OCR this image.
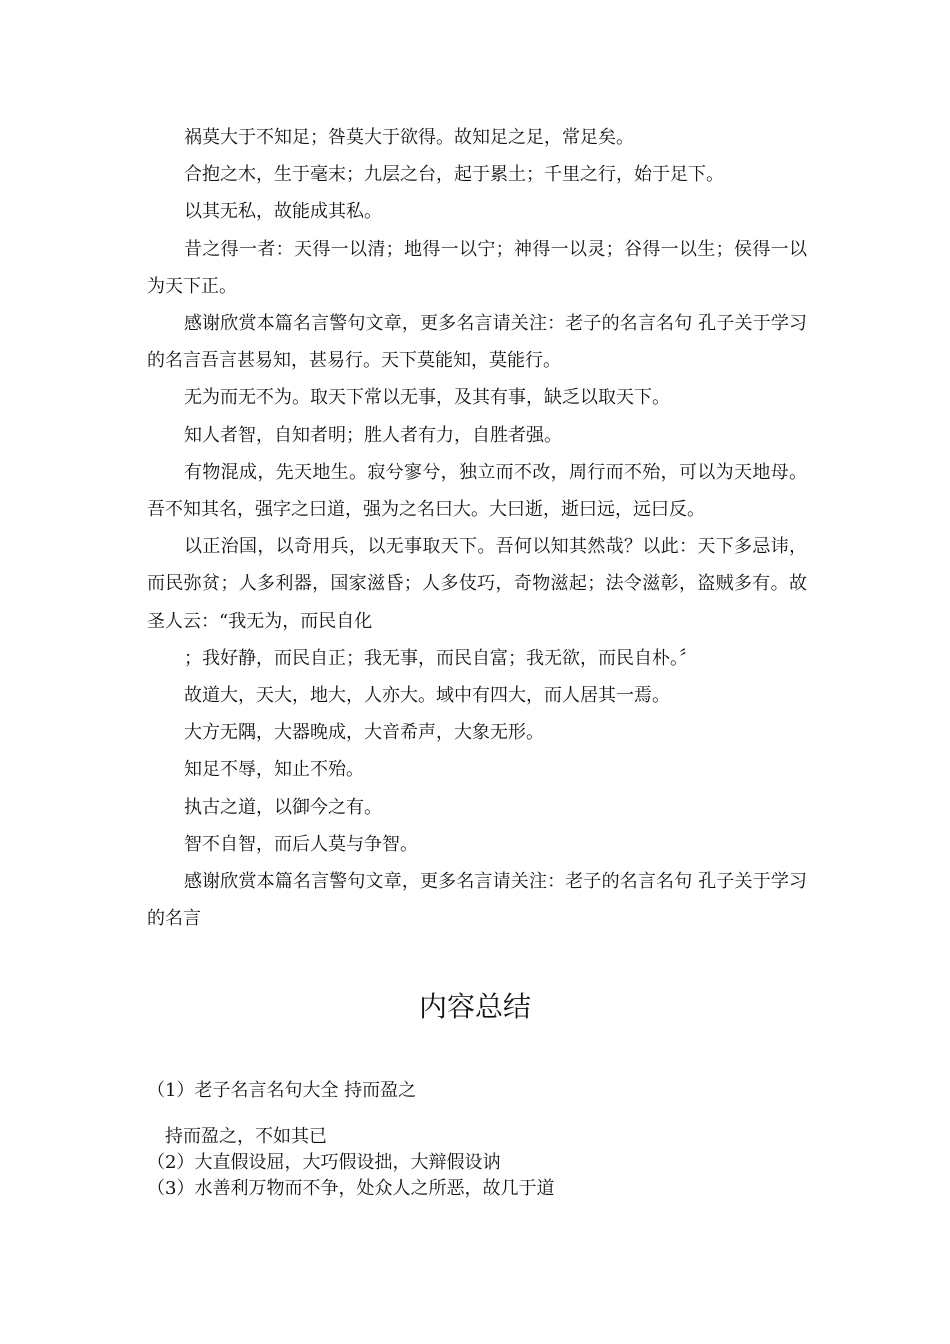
祸莫大于不知足；咎莫大于欲得。故知足之足，常足矣。

合抱之木，生于毫末；九层之台，起于累土；千里之行，始于足下。

以其无私，故能成其私。

昔之得一者：天得一以清；地得一以宁；神得一以灵；谷得一以生；侯得一以为天下正。

感谢欣赏本篇名言警句文章，更多名言请关注：老子的名言名句 孔子关于学习的名言吾言甚易知，甚易行。天下莫能知，莫能行。

无为而无不为。取天下常以无事，及其有事，缺乏以取天下。

知人者智，自知者明；胜人者有力，自胜者强。

有物混成，先天地生。寂兮寥兮，独立而不改，周行而不殆，可以为天地母。吾不知其名，强字之曰道，强为之名曰大。大曰逝，逝曰远，远曰反。

以正治国，以奇用兵，以无事取天下。吾何以知其然哉？以此：天下多忌讳，而民弥贫；人多利器，国家滋昏；人多伎巧，奇物滋起；法令滋彰，盗贼多有。故圣人云：“我无为，而民自化

；我好静，而民自正；我无事，而民自富；我无欲，而民自朴。〞

故道大，天大，地大，人亦大。域中有四大，而人居其一焉。

大方无隅，大器晚成，大音希声，大象无形。

知足不辱，知止不殆。

执古之道，以御今之有。

智不自智，而后人莫与争智。

感谢欣赏本篇名言警句文章，更多名言请关注：老子的名言名句 孔子关于学习的名言

内容总结

（1）老子名言名句大全 持而盈之

持而盈之，不如其已

（2）大直假设屈，大巧假设拙，大辩假设讷

（3）水善利万物而不争，处众人之所恶，故几于道
